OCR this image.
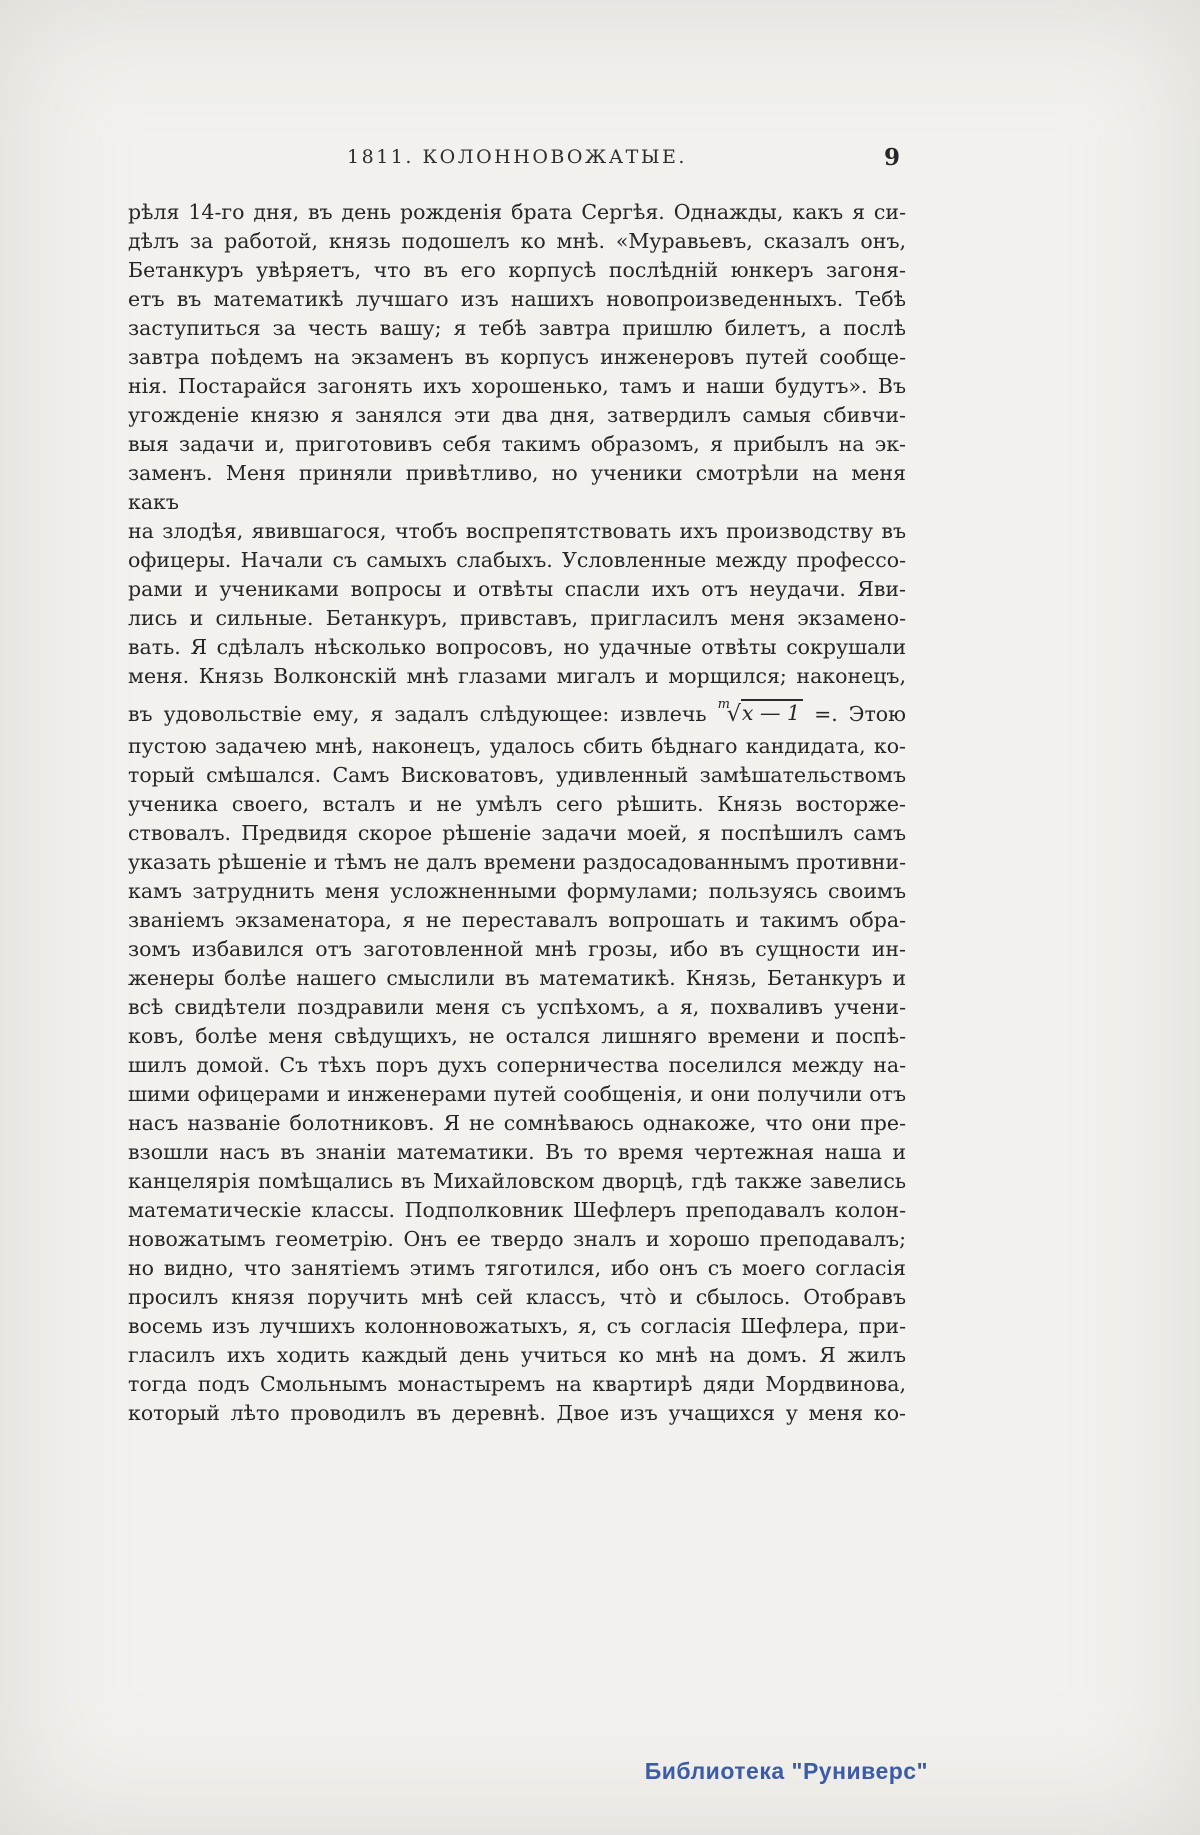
1811. КОЛОННОВОЖАТЫЕ.	9
рѣля 14-го дня, въ день рожденія брата Сергѣя. Однажды, какъ я си-
дѣлъ за работой, князь подошелъ ко мнѣ. «Муравьевъ, сказалъ онъ,
Бетанкуръ увѣряетъ, что въ его корпусѣ послѣдній юнкеръ загоня-
етъ въ математикѣ лучшаго изъ нашихъ новопроизведенныхъ. Тебѣ
заступиться за честь вашу; я тебѣ завтра пришлю билетъ, а послѣ
завтра поѣдемъ на экзаменъ въ корпусъ инженеровъ путей сообще-
нія. Постарайся загонять ихъ хорошенько, тамъ и наши будутъ». Въ
угожденіе князю я занялся эти два дня, затвердилъ самыя сбивчи-
выя задачи и, приготовивъ себя такимъ образомъ, я прибылъ на эк-
заменъ. Меня приняли привѣтливо, но ученики смотрѣли на меня какъ
на злодѣя, явившагося, чтобъ воспрепятствовать ихъ производству въ
офицеры. Начали съ самыхъ слабыхъ. Условленные между профессо-
рами и учениками вопросы и отвѣты спасли ихъ отъ неудачи. Яви-
лись и сильные. Бетанкуръ, привставъ, пригласилъ меня экзамено-
вать. Я сдѣлалъ нѣсколько вопросовъ, но удачные отвѣты сокрушали
меня. Князь Волконскій мнѣ глазами мигалъ и морщился; наконецъ,
въ удовольствіе ему, я задалъ слѣдующее: извлечь $^m$√x — 1 =. Этою
пустою задачею мнѣ, наконецъ, удалось сбить бѣднаго кандидата, ко-
торый смѣшался. Самъ Висковатовъ, удивленный замѣшательствомъ
ученика своего, всталъ и не умѣлъ сего рѣшить. Князь восторже-
ствовалъ. Предвидя скорое рѣшеніе задачи моей, я поспѣшилъ самъ
указать рѣшеніе и тѣмъ не далъ времени раздосадованнымъ противни-
камъ затруднить меня усложненными формулами; пользуясь своимъ
званіемъ экзаменатора, я не переставалъ вопрошать и такимъ обра-
зомъ избавился отъ заготовленной мнѣ грозы, ибо въ сущности ин-
женеры болѣе нашего смыслили въ математикѣ. Князь, Бетанкуръ и
всѣ свидѣтели поздравили меня съ успѣхомъ, а я, похваливъ учени-
ковъ, болѣе меня свѣдущихъ, не остался лишняго времени и поспѣ-
шилъ домой. Съ тѣхъ поръ духъ соперничества поселился между на-
шими офицерами и инженерами путей сообщенія, и они получили отъ
насъ названіе болотниковъ. Я не сомнѣваюсь однакоже, что они пре-
взошли насъ въ знаніи математики. Въ то время чертежная наша и
канцелярія помѣщались въ Михайловском дворцѣ, гдѣ также завелись
математическіе классы. Подполковник Шефлеръ преподавалъ колон-
новожатымъ геометрію. Онъ ее твердо зналъ и хорошо преподавалъ;
но видно, что занятіемъ этимъ тяготился, ибо онъ съ моего согласія
просилъ князя поручить мнѣ сей классъ, что̀ и сбылось. Отобравъ
восемь изъ лучшихъ колонновожатыхъ, я, съ согласія Шефлера, при-
гласилъ ихъ ходить каждый день учиться ко мнѣ на домъ. Я жилъ
тогда подъ Смольнымъ монастыремъ на квартирѣ дяди Мордвинова,
который лѣто проводилъ въ деревнѣ. Двое изъ учащихся у меня ко-
Библиотека "Руниверс"
